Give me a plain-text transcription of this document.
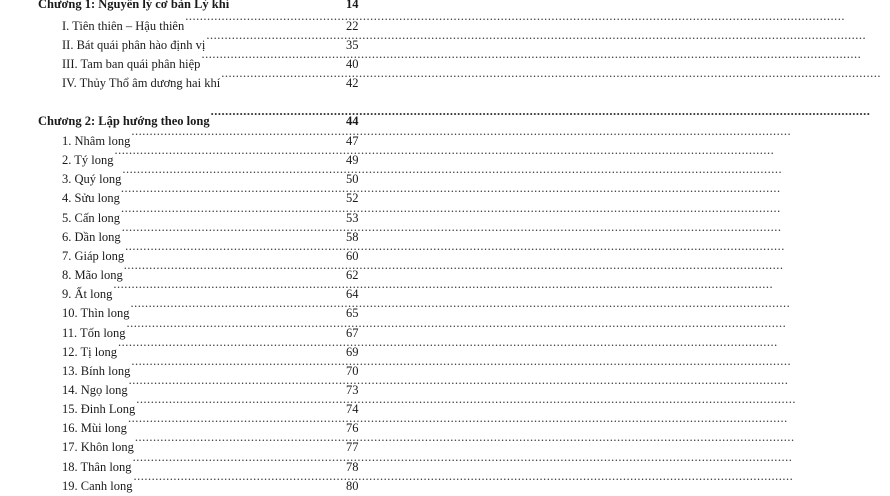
Chương 1: Nguyên lý cơ bản Lý khí .....	14
I. Tiên thiên – Hậu thiên .....	22
II. Bát quái phân hào định vị .....	35
III. Tam ban quái phân hiệp .....	40
IV. Thủy Thổ âm dương hai khí .....	42
Chương 2: Lập hướng theo long .....	44
1. Nhâm long .....	47
2. Tý long .....	49
3. Quý long .....	50
4. Sửu long .....	52
5. Cấn long .....	53
6. Dần long .....	58
7. Giáp long .....	60
8. Mão long .....	62
9. Ất long .....	64
10. Thìn long .....	65
11. Tốn long .....	67
12. Tị long .....	69
13. Bính long .....	70
14. Ngọ long .....	73
15. Đinh Long .....	74
16. Mùi long .....	76
17. Khôn long .....	77
18. Thân long .....	78
19. Canh long .....	80
